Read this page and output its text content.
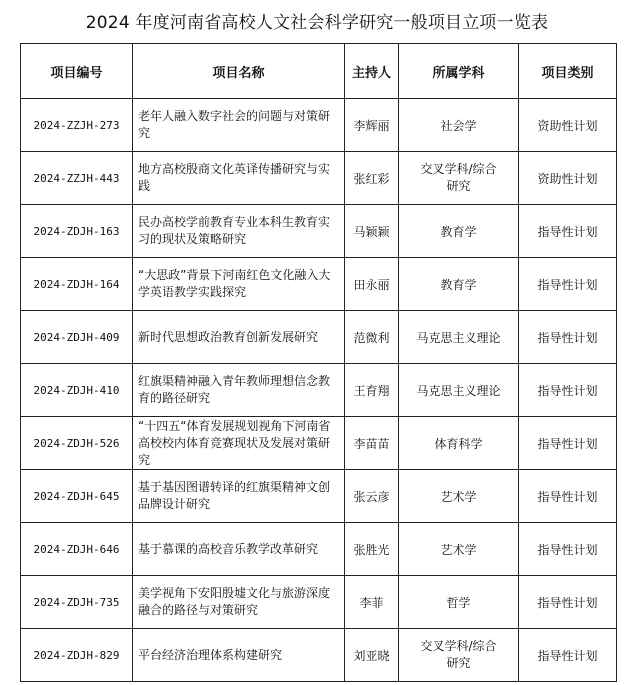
2024 年度河南省高校人文社会科学研究一般项目立项一览表
项目编号	项目名称	主持人	所属学科	项目类别
2024-ZZJH-273	老年人融入数字社会的问题与对策研究	李辉丽	社会学	资助性计划
2024-ZZJH-443	地方高校殷商文化英译传播研究与实践	张红彩	交叉学科/综合研究	资助性计划
2024-ZDJH-163	民办高校学前教育专业本科生教育实习的现状及策略研究	马颖颖	教育学	指导性计划
2024-ZDJH-164	“大思政”背景下河南红色文化融入大学英语教学实践探究	田永丽	教育学	指导性计划
2024-ZDJH-409	新时代思想政治教育创新发展研究	范微利	马克思主义理论	指导性计划
2024-ZDJH-410	红旗渠精神融入青年教师理想信念教育的路径研究	王育翔	马克思主义理论	指导性计划
2024-ZDJH-526	“十四五“体育发展规划视角下河南省高校校内体育竞赛现状及发展对策研究	李苗苗	体育科学	指导性计划
2024-ZDJH-645	基于基因图谱转译的红旗渠精神文创品牌设计研究	张云彦	艺术学	指导性计划
2024-ZDJH-646	基于慕课的高校音乐教学改革研究	张胜光	艺术学	指导性计划
2024-ZDJH-735	美学视角下安阳殷墟文化与旅游深度融合的路径与对策研究	李菲	哲学	指导性计划
2024-ZDJH-829	平台经济治理体系构建研究	刘亚晓	交叉学科/综合研究	指导性计划
